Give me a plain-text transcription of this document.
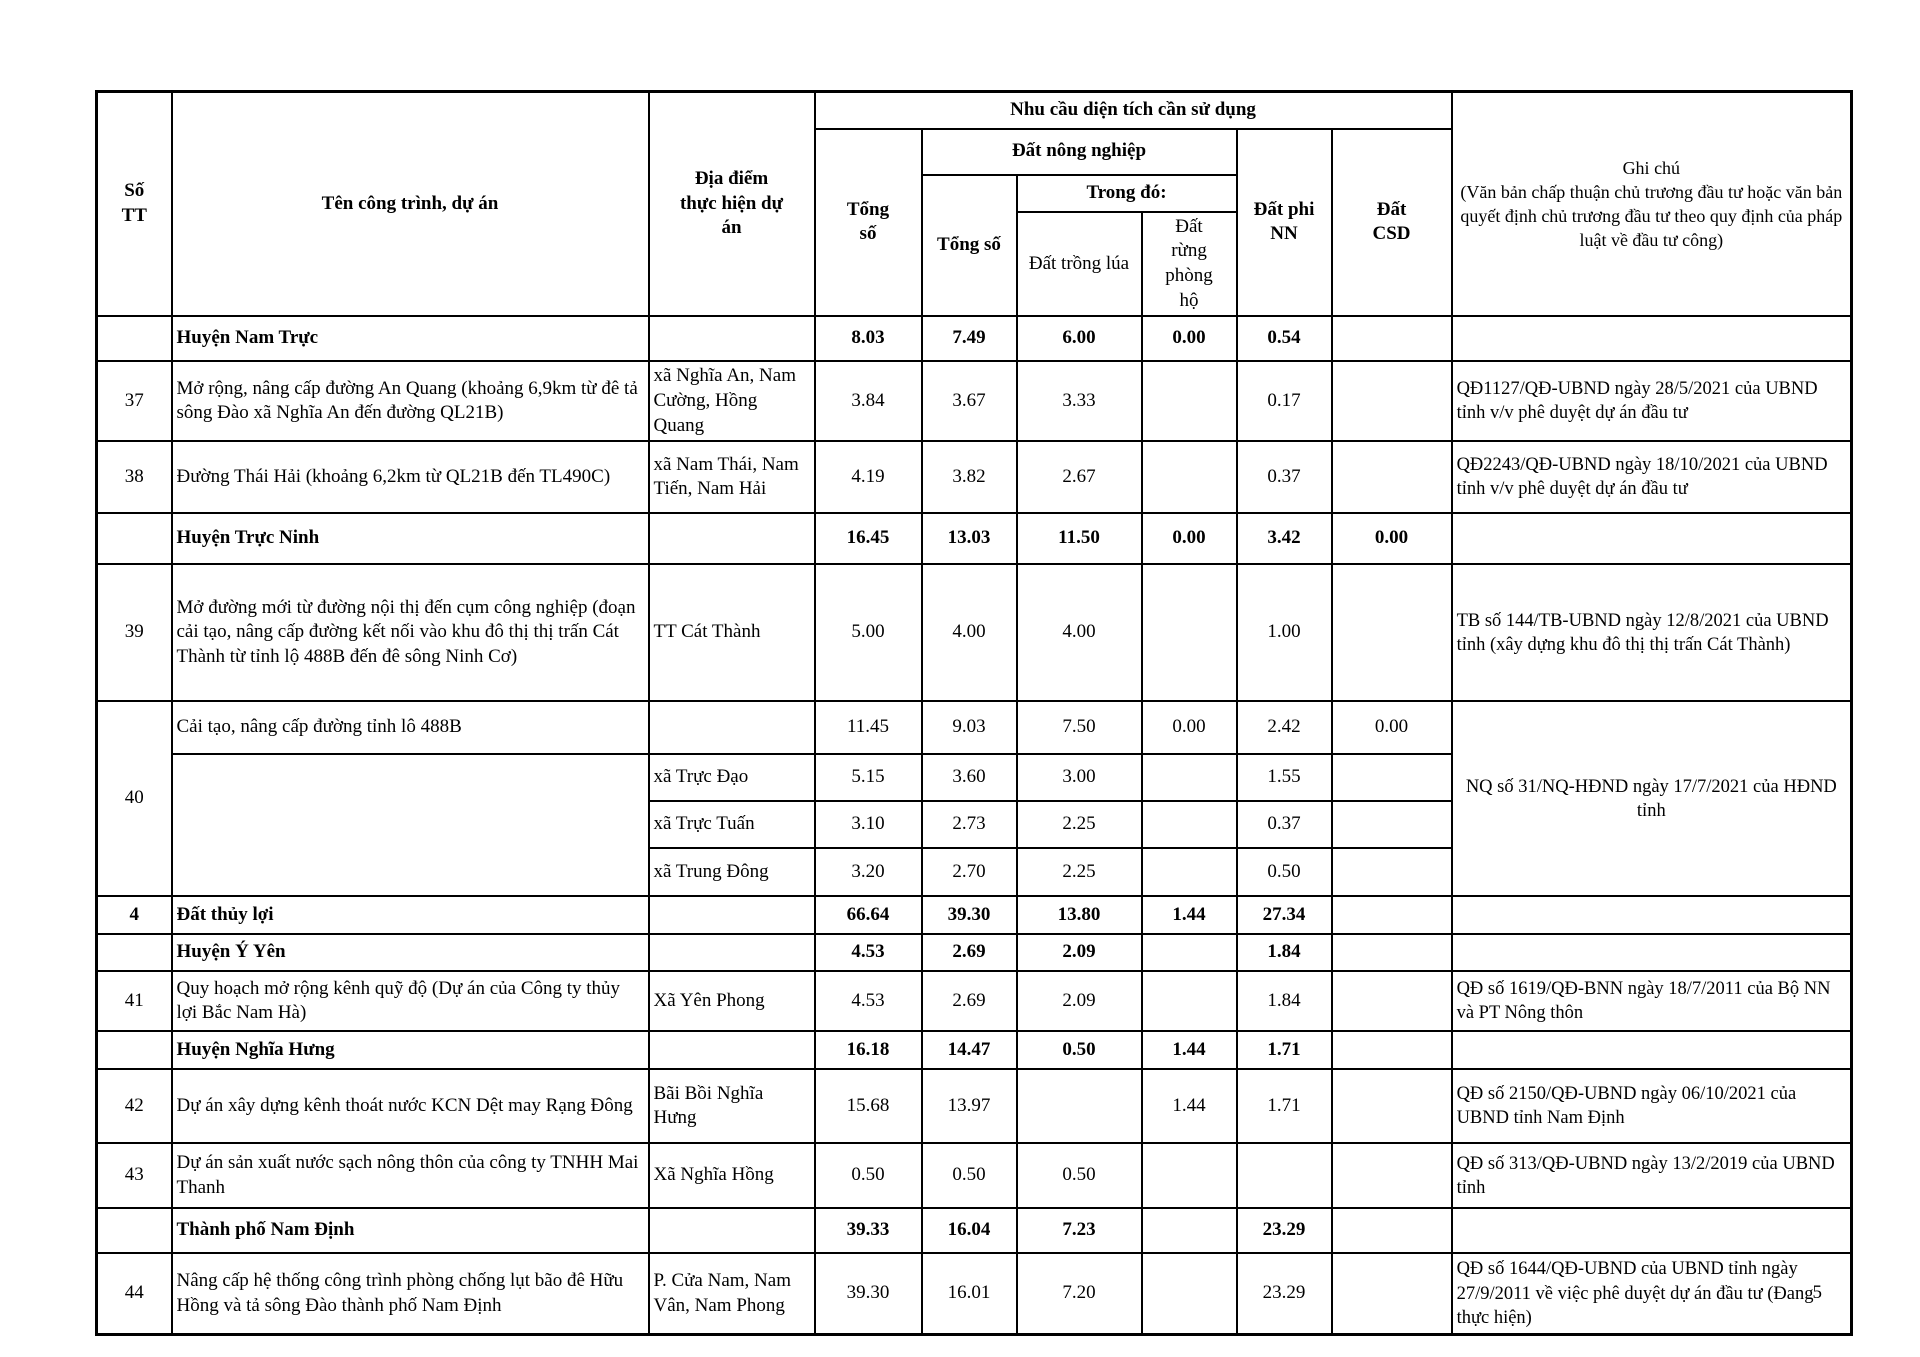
Số TT	Tên công trình, dự án	Địa điểm thực hiện dự án	Nhu cầu diện tích cần sử dụng						Ghi chú
(Văn bản chấp thuận chủ trương đầu tư hoặc văn bản quyết định chủ trương đầu tư theo quy định của pháp luật về đầu tư công)

			Tổng số	Đất nông nghiệp			Đất phi NN	Đất CSD	
				Tổng số	Trong đó:				
					Đất trồng lúa	Đất rừng phòng hộ			
	Huyện Nam Trực		8.03	7.49	6.00	0.00	0.54		
37	Mở rộng, nâng cấp đường An Quang (khoảng 6,9km từ đê tả sông Đào xã Nghĩa An đến đường QL21B)	xã Nghĩa An, Nam Cường, Hồng Quang	3.84	3.67	3.33		0.17		QĐ1127/QĐ-UBND ngày 28/5/2021 của UBND tỉnh v/v phê duyệt dự án đầu tư
38	Đường Thái Hải (khoảng 6,2km từ QL21B đến TL490C)	xã Nam Thái, Nam Tiến, Nam Hải	4.19	3.82	2.67		0.37		QĐ2243/QĐ-UBND ngày 18/10/2021 của UBND tỉnh v/v phê duyệt dự án đầu tư
	Huyện Trực Ninh		16.45	13.03	11.50	0.00	3.42	0.00	
39	Mở đường mới từ đường nội thị đến cụm công nghiệp (đoạn cải tạo, nâng cấp đường kết nối vào khu đô thị thị trấn Cát Thành từ tỉnh lộ 488B đến đê sông Ninh Cơ)	TT Cát Thành	5.00	4.00	4.00		1.00		TB số 144/TB-UBND ngày 12/8/2021 của UBND tỉnh (xây dựng khu đô thị thị trấn Cát Thành)
40	Cải tạo, nâng cấp đường tỉnh lô 488B		11.45	9.03	7.50	0.00	2.42	0.00	NQ số 31/NQ-HĐND ngày 17/7/2021 của HĐND tỉnh
		xã Trực Đạo	5.15	3.60	3.00		1.55		
		xã Trực Tuấn	3.10	2.73	2.25		0.37		
		xã Trung Đông	3.20	2.70	2.25		0.50		
4	Đất thủy lợi		66.64	39.30	13.80	1.44	27.34		
	Huyện Ý Yên		4.53	2.69	2.09		1.84		
41	Quy hoạch mở rộng kênh quỹ độ (Dự án của Công ty thủy lợi Bắc Nam Hà)	Xã Yên Phong	4.53	2.69	2.09		1.84		QĐ số 1619/QĐ-BNN ngày 18/7/2011 của Bộ NN và PT Nông thôn
	Huyện Nghĩa Hưng		16.18	14.47	0.50	1.44	1.71		
42	Dự án xây dựng kênh thoát nước KCN Dệt may Rạng Đông	Bãi Bồi Nghĩa Hưng	15.68	13.97		1.44	1.71		QĐ số 2150/QĐ-UBND ngày 06/10/2021 của UBND tỉnh Nam Định
43	Dự án sản xuất nước sạch nông thôn của công ty TNHH Mai Thanh	Xã Nghĩa Hồng	0.50	0.50	0.50				QĐ số 313/QĐ-UBND ngày 13/2/2019 của UBND tỉnh
	Thành phố Nam Định		39.33	16.04	7.23		23.29		
44	Nâng cấp hệ thống công trình phòng chống lụt bão đê Hữu Hồng và tả sông Đào thành phố Nam Định	P. Cửa Nam, Nam Vân, Nam Phong	39.30	16.01	7.20		23.29		QĐ số 1644/QĐ-UBND của UBND tỉnh ngày 27/9/2011 về việc phê duyệt dự án đầu tư (Đang thực hiện)
5
